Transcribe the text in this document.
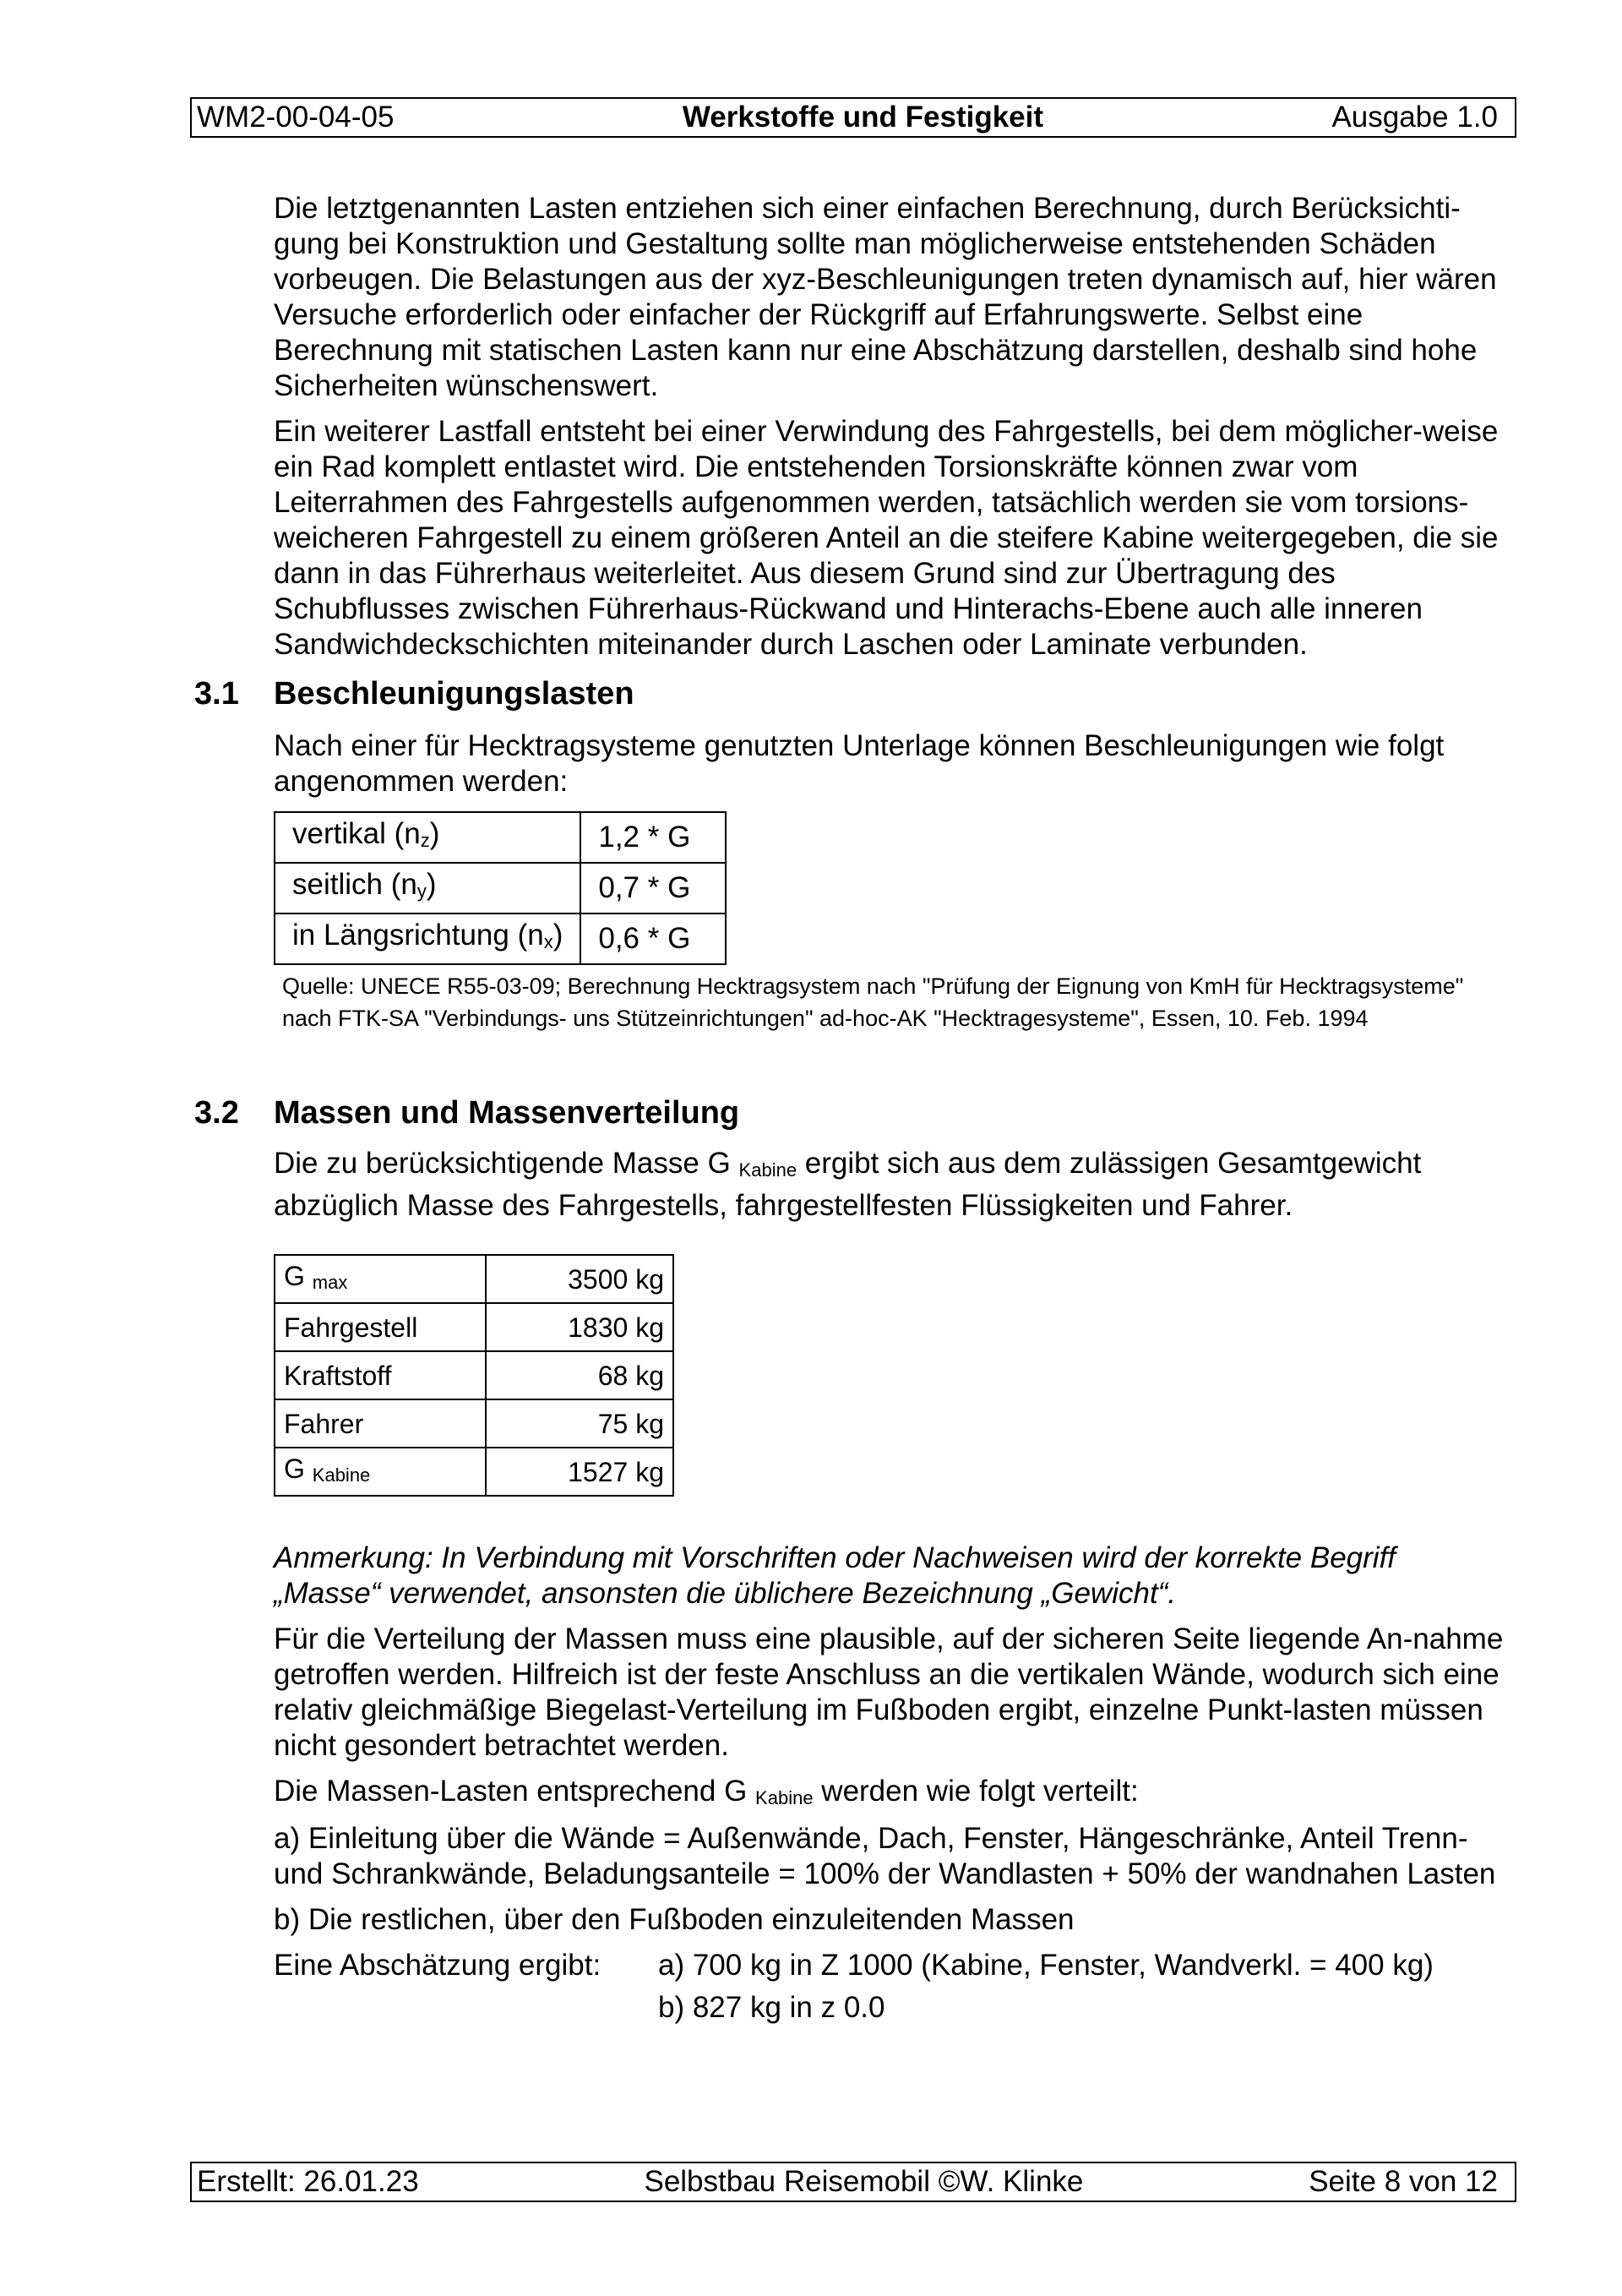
WM2-00-04-05	Werkstoffe und Festigkeit	Ausgabe 1.0

Die letztgenannten Lasten entziehen sich einer einfachen Berechnung, durch Berücksichti-gung bei Konstruktion und Gestaltung sollte man möglicherweise entstehenden Schäden vorbeugen. Die Belastungen aus der xyz-Beschleunigungen treten dynamisch auf, hier wären Versuche erforderlich oder einfacher der Rückgriff auf Erfahrungswerte. Selbst eine Berechnung mit statischen Lasten kann nur eine Abschätzung darstellen, deshalb sind hohe Sicherheiten wünschenswert.

Ein weiterer Lastfall entsteht bei einer Verwindung des Fahrgestells, bei dem möglicher-weise ein Rad komplett entlastet wird. Die entstehenden Torsionskräfte können zwar vom Leiterrahmen des Fahrgestells aufgenommen werden, tatsächlich werden sie vom torsions-weicheren Fahrgestell zu einem größeren Anteil an die steifere Kabine weitergegeben, die sie dann in das Führerhaus weiterleitet. Aus diesem Grund sind zur Übertragung des Schubflusses zwischen Führerhaus-Rückwand und Hinterachs-Ebene auch alle inneren Sandwichdeckschichten miteinander durch Laschen oder Laminate verbunden.

3.1 Beschleunigungslasten

Nach einer für Hecktragsysteme genutzten Unterlage können Beschleunigungen wie folgt angenommen werden:

vertikal $(n_z)$	1,2 * G
seitlich $(n_y)$	0,7 * G
in Längsrichtung $(n_x)$	0,6 * G
Quelle: UNECE R55-03-09; Berechnung Hecktragsystem nach "Prüfung der Eignung von KmH für Hecktragsysteme"
nach FTK-SA "Verbindungs- uns Stützeinrichtungen" ad-hoc-AK "Hecktragesysteme", Essen, 10. Feb. 1994
3.2 Massen und Massenverteilung

Die zu berücksichtigende Masse G $_{Kabine}$ ergibt sich aus dem zulässigen Gesamtgewicht abzüglich Masse des Fahrgestells, fahrgestellfesten Flüssigkeiten und Fahrer.

G $_{max}$	3500 kg
Fahrgestell	1830 kg
Kraftstoff	68 kg
Fahrer	75 kg
G $_{Kabine}$	1527 kg

Anmerkung: In Verbindung mit Vorschriften oder Nachweisen wird der korrekte Begriff „Masse“ verwendet, ansonsten die üblichere Bezeichnung „Gewicht“.

Für die Verteilung der Massen muss eine plausible, auf der sicheren Seite liegende An-nahme getroffen werden. Hilfreich ist der feste Anschluss an die vertikalen Wände, wodurch sich eine relativ gleichmäßige Biegelast-Verteilung im Fußboden ergibt, einzelne Punkt-lasten müssen nicht gesondert betrachtet werden.

Die Massen-Lasten entsprechend G $_{Kabine}$ werden wie folgt verteilt:

a) Einleitung über die Wände = Außenwände, Dach, Fenster, Hängeschränke, Anteil Trenn- und Schrankwände, Beladungsanteile = 100% der Wandlasten + 50% der wandnahen Lasten

b) Die restlichen, über den Fußboden einzuleitenden Massen

Eine Abschätzung ergibt:	a) 700 kg in Z 1000 (Kabine, Fenster, Wandverkl. = 400 kg)
b) 827 kg in z 0.0
Erstellt: 26.01.23	Selbstbau Reisemobil ©W. Klinke	Seite 8 von 12
